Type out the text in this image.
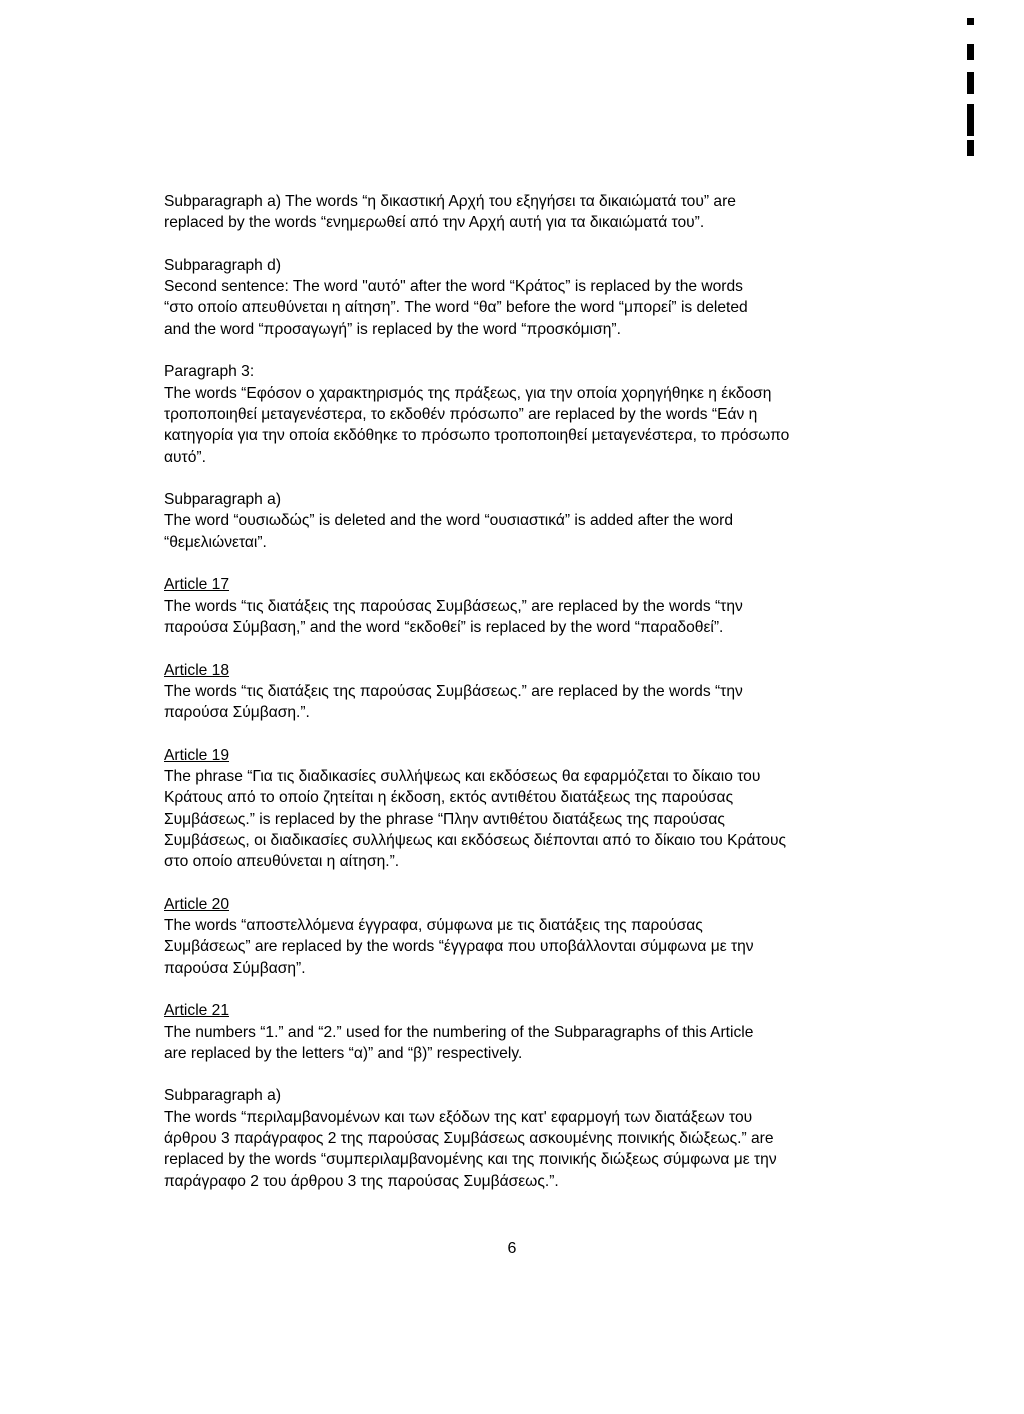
Subparagraph a) The words “η δικαστική Αρχή του εξηγήσει τα δικαιώματά του” are
replaced by the words “ενημερωθεί από την Αρχή αυτή για τα δικαιώματά του”.
Subparagraph d)
Second sentence: The word "αυτό" after the word “Κράτος” is replaced by the words
“στο οποίο απευθύνεται η αίτηση”. The word “θα” before the word “μπορεί” is deleted
and the word “προσαγωγή” is replaced by the word “προσκόμιση”.
Paragraph 3:
The words “Εφόσον ο χαρακτηρισμός της πράξεως, για την οποία χορηγήθηκε η έκδοση
τροποποιηθεί μεταγενέστερα, το εκδοθέν πρόσωπο” are replaced by the words “Εάν η
κατηγορία για την οποία εκδόθηκε το πρόσωπο τροποποιηθεί μεταγενέστερα, το πρόσωπο
αυτό”.
Subparagraph a)
The word “ουσιωδώς” is deleted and the word “ουσιαστικά” is added after the word
“θεμελιώνεται”.
Article 17
The words “τις διατάξεις της παρούσας Συμβάσεως,” are replaced by the words “την
παρούσα Σύμβαση,” and the word “εκδοθεί” is replaced by the word “παραδοθεί”.
Article 18
The words “τις διατάξεις της παρούσας Συμβάσεως.” are replaced by the words “την
παρούσα Σύμβαση.”.
Article 19
The phrase “Για τις διαδικασίες συλλήψεως και εκδόσεως θα εφαρμόζεται το δίκαιο του
Κράτους από το οποίο ζητείται η έκδοση, εκτός αντιθέτου διατάξεως της παρούσας
Συμβάσεως.” is replaced by the phrase “Πλην αντιθέτου διατάξεως της παρούσας
Συμβάσεως, οι διαδικασίες συλλήψεως και εκδόσεως διέπονται από το δίκαιο του Κράτους
στο οποίο απευθύνεται η αίτηση.”.
Article 20
The words “αποστελλόμενα έγγραφα, σύμφωνα με τις διατάξεις της παρούσας
Συμβάσεως” are replaced by the words “έγγραφα που υποβάλλονται σύμφωνα με την
παρούσα Σύμβαση”.
Article 21
The numbers “1.” and “2.” used for the numbering of the Subparagraphs of this Article
are replaced by the letters “α)” and “β)” respectively.
Subparagraph a)
The words “περιλαμβανομένων και των εξόδων της κατ' εφαρμογή των διατάξεων του
άρθρου 3 παράγραφος 2 της παρούσας Συμβάσεως ασκουμένης ποινικής διώξεως.” are
replaced by the words “συμπεριλαμβανομένης και της ποινικής διώξεως σύμφωνα με την
παράγραφο 2 του άρθρου 3 της παρούσας Συμβάσεως.”.
6
